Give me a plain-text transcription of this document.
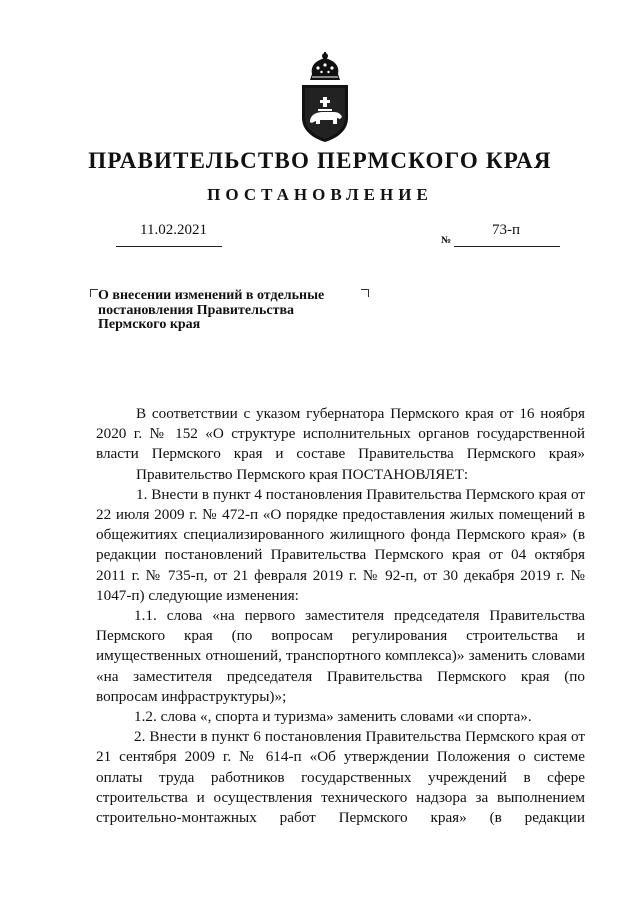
ПРАВИТЕЛЬСТВО ПЕРМСКОГО КРАЯ
ПОСТАНОВЛЕНИЕ
11.02.2021
№
73-п
О внесении изменений в отдельные
постановления Правительства
Пермского края

В соответствии с указом губернатора Пермского края от 16 ноября 2020 г. № 152 «О структуре исполнительных органов государственной власти Пермского края и составе Правительства Пермского края»

Правительство Пермского края ПОСТАНОВЛЯЕТ:

1. Внести в пункт 4 постановления Правительства Пермского края от 22 июля 2009 г. № 472-п «О порядке предоставления жилых помещений в общежитиях специализированного жилищного фонда Пермского края» (в редакции постановлений Правительства Пермского края от 04 октября 2011 г. № 735-п, от 21 февраля 2019 г. № 92-п, от 30 декабря 2019 г. № 1047-п) следующие изменения:

1.1. слова «на первого заместителя председателя Правительства Пермского края (по вопросам регулирования строительства и имущественных отношений, транспортного комплекса)» заменить словами «на заместителя председателя Правительства Пермского края (по вопросам инфраструктуры)»;

1.2. слова «, спорта и туризма» заменить словами «и спорта».

2. Внести в пункт 6 постановления Правительства Пермского края от 21 сентября 2009 г. № 614-п «Об утверждении Положения о системе оплаты труда работников государственных учреждений в сфере строительства и осуществления технического надзора за выполнением строительно-монтажных работ Пермского края» (в редакции
